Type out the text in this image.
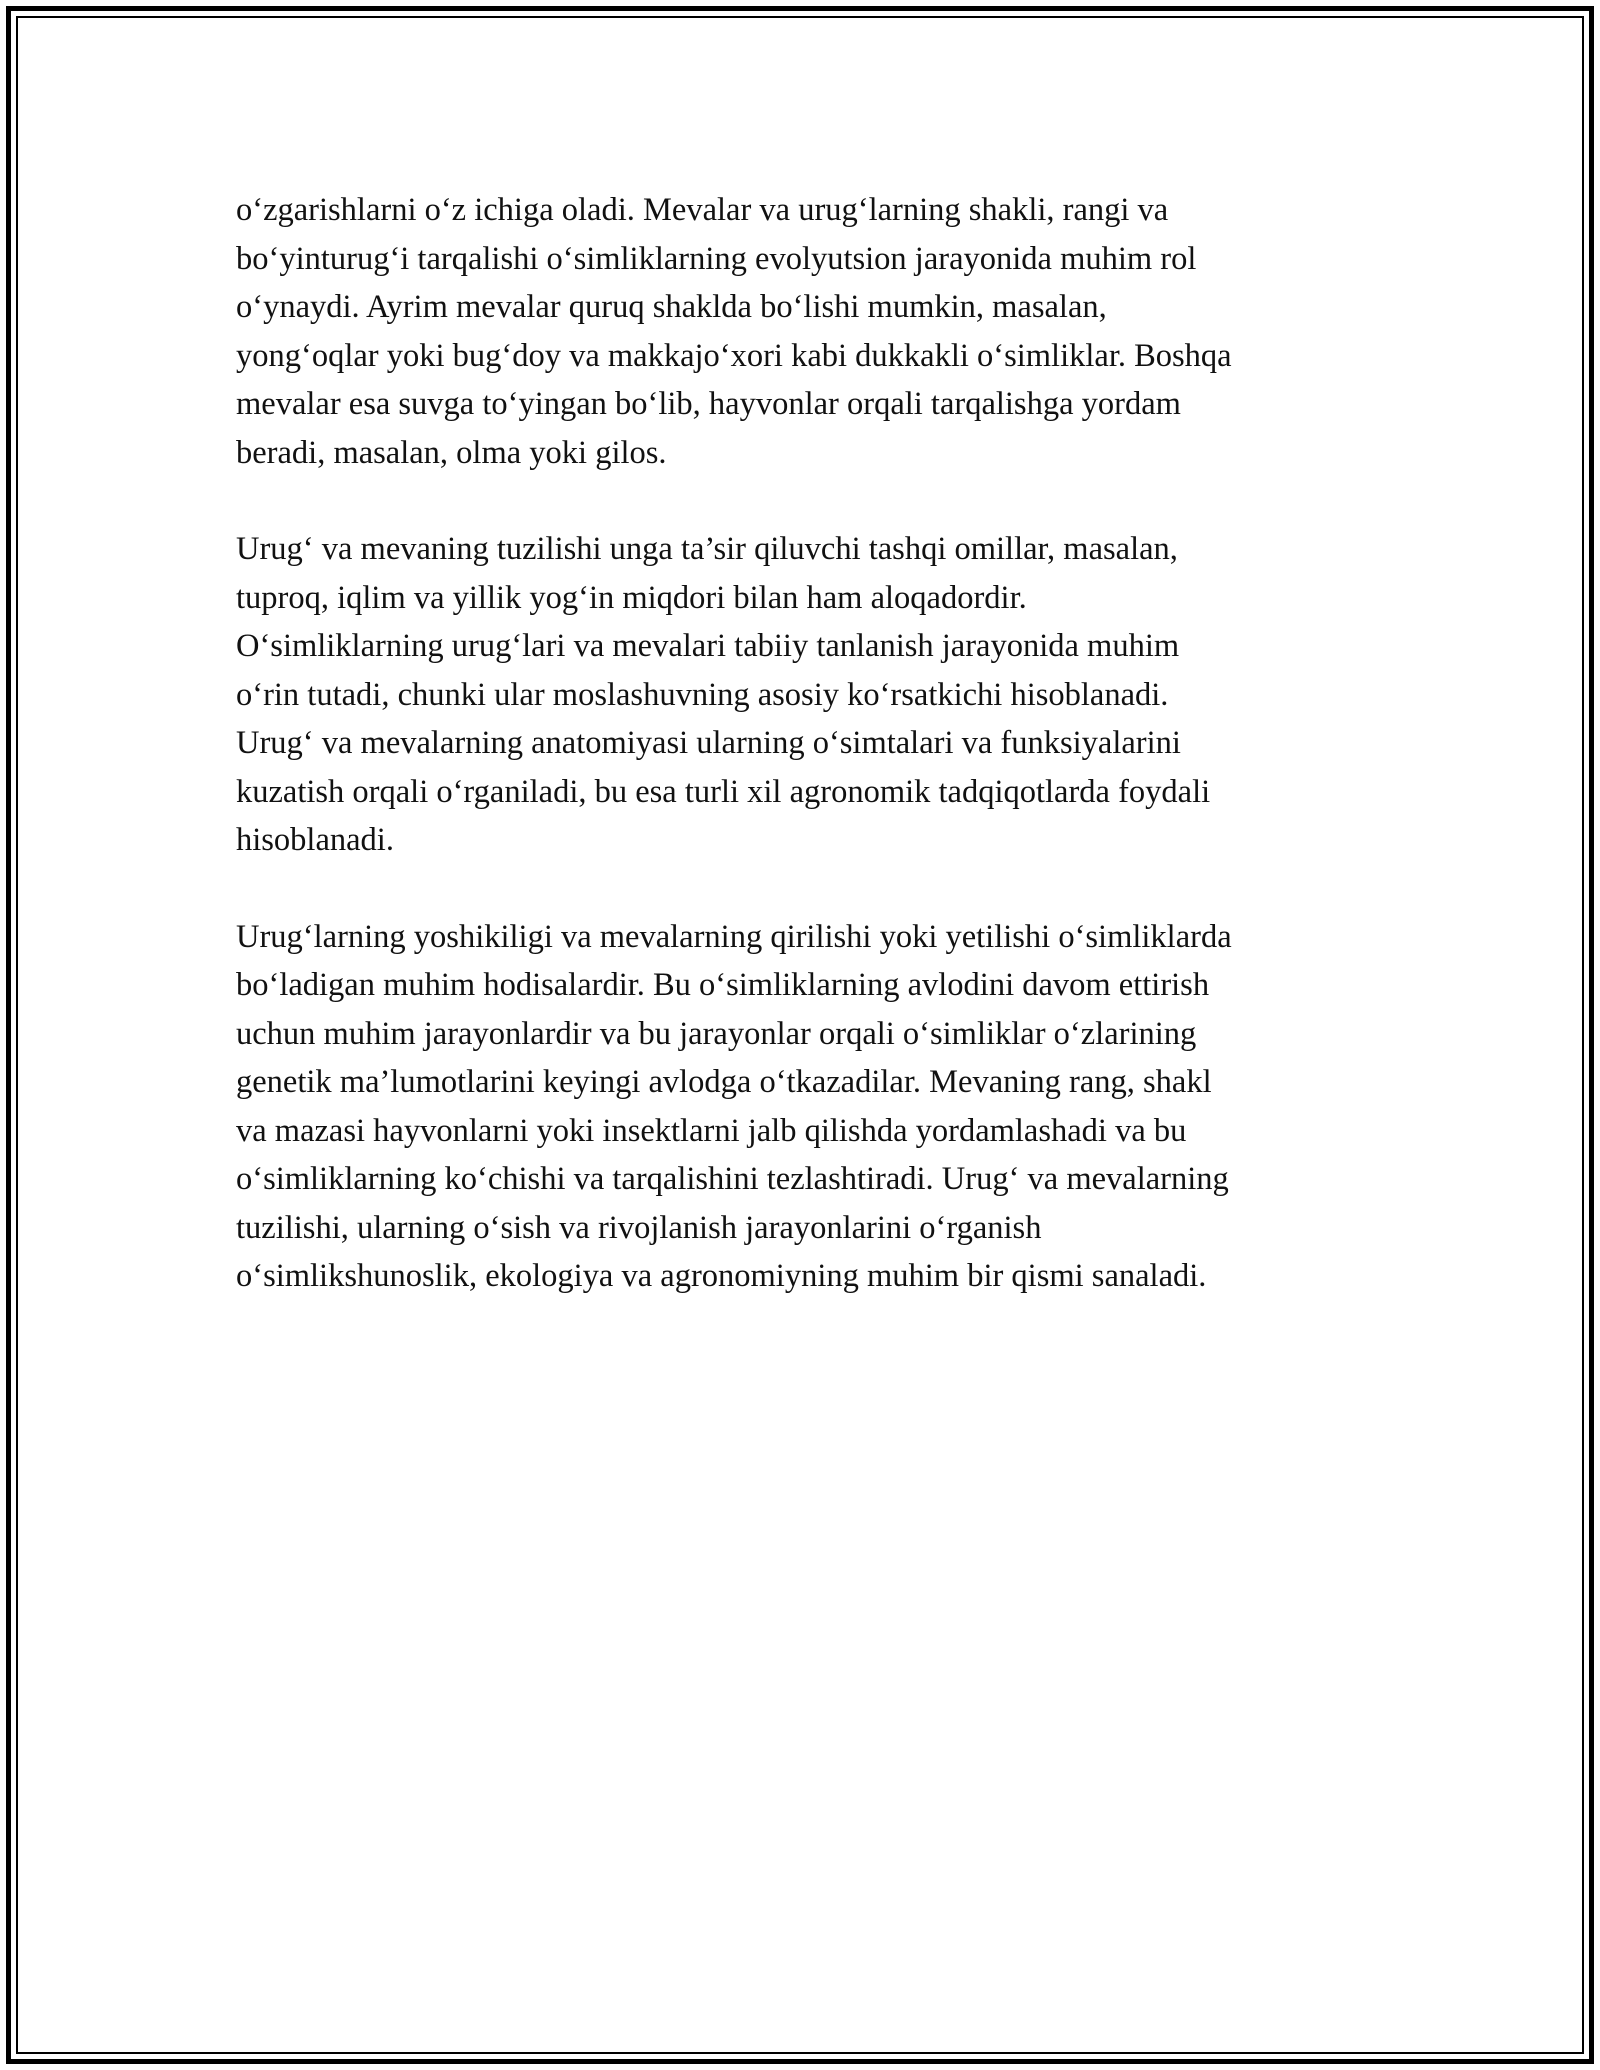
o‘zgarishlarni o‘z ichiga oladi. Mevalar va urug‘larning shakli, rangi va
bo‘yinturug‘i tarqalishi o‘simliklarning evolyutsion jarayonida muhim rol
o‘ynaydi. Ayrim mevalar quruq shaklda bo‘lishi mumkin, masalan,
yong‘oqlar yoki bug‘doy va makkajo‘xori kabi dukkakli o‘simliklar. Boshqa
mevalar esa suvga to‘yingan bo‘lib, hayvonlar orqali tarqalishga yordam
beradi, masalan, olma yoki gilos.

Urug‘ va mevaning tuzilishi unga ta’sir qiluvchi tashqi omillar, masalan,
tuproq, iqlim va yillik yog‘in miqdori bilan ham aloqadordir.
O‘simliklarning urug‘lari va mevalari tabiiy tanlanish jarayonida muhim
o‘rin tutadi, chunki ular moslashuvning asosiy ko‘rsatkichi hisoblanadi.
Urug‘ va mevalarning anatomiyasi ularning o‘simtalari va funksiyalarini
kuzatish orqali o‘rganiladi, bu esa turli xil agronomik tadqiqotlarda foydali
hisoblanadi.

Urug‘larning yoshikiligi va mevalarning qirilishi yoki yetilishi o‘simliklarda
bo‘ladigan muhim hodisalardir. Bu o‘simliklarning avlodini davom ettirish
uchun muhim jarayonlardir va bu jarayonlar orqali o‘simliklar o‘zlarining
genetik ma’lumotlarini keyingi avlodga o‘tkazadilar. Mevaning rang, shakl
va mazasi hayvonlarni yoki insektlarni jalb qilishda yordamlashadi va bu
o‘simliklarning ko‘chishi va tarqalishini tezlashtiradi. Urug‘ va mevalarning
tuzilishi, ularning o‘sish va rivojlanish jarayonlarini o‘rganish
o‘simlikshunoslik, ekologiya va agronomiyning muhim bir qismi sanaladi.
